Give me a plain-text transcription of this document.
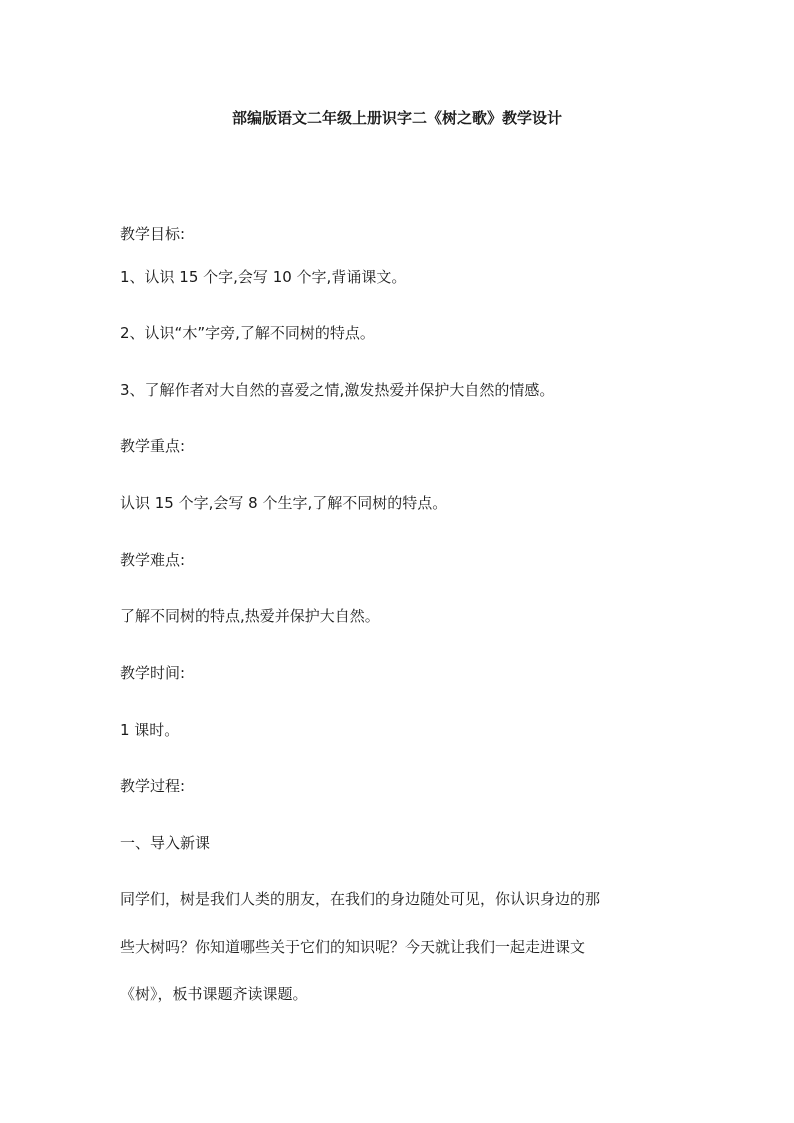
部编版语文二年级上册识字二《树之歌》教学设计
教学目标:
1、认识 15 个字,会写 10 个字,背诵课文。
2、认识“木”字旁,了解不同树的特点。
3、了解作者对大自然的喜爱之情,激发热爱并保护大自然的情感。
教学重点:
认识 15 个字,会写 8 个生字,了解不同树的特点。
教学难点:
了解不同树的特点,热爱并保护大自然。
教学时间:
1 课时。
教学过程:
一、导入新课
同学们，树是我们人类的朋友，在我们的身边随处可见，你认识身边的那
些大树吗？你知道哪些关于它们的知识呢？今天就让我们一起走进课文
《树》，板书课题齐读课题。
